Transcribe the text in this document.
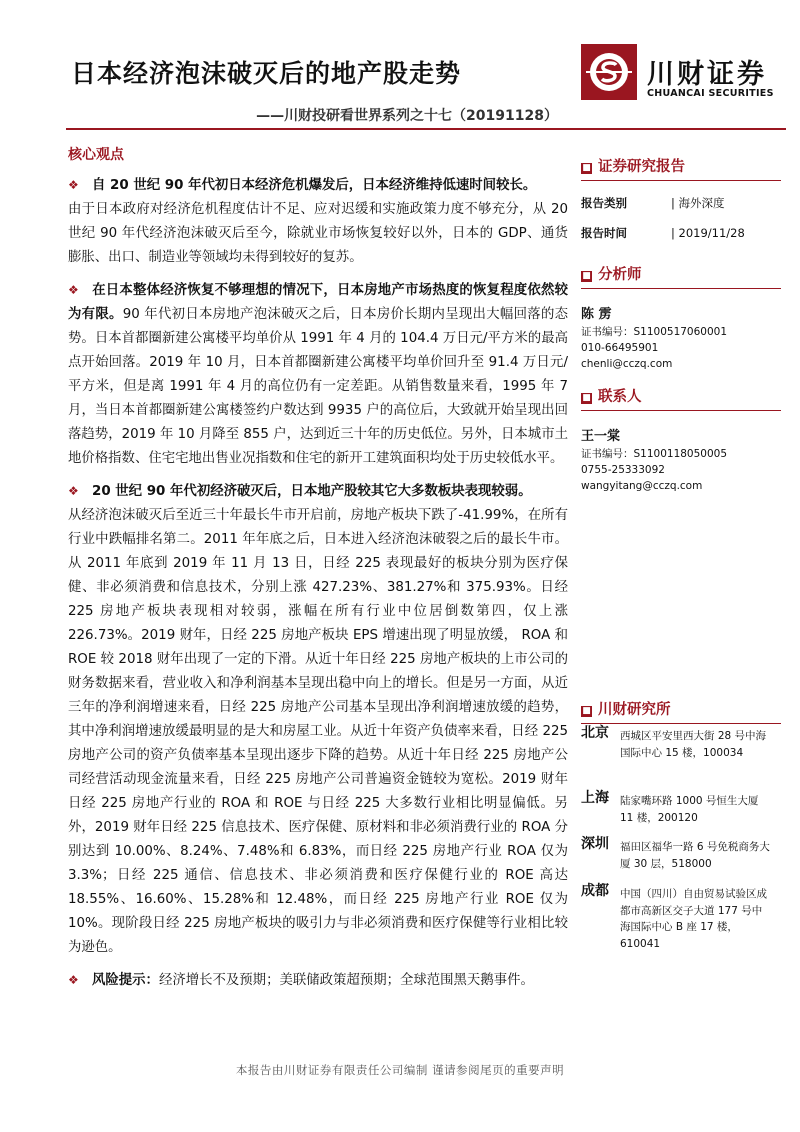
日本经济泡沫破灭后的地产股走势
——川财投研看世界系列之十七（20191128）
川财证券
CHUANCAI SECURITIES
核心观点

❖ 自 20 世纪 90 年代初日本经济危机爆发后，日本经济维持低速时间较长。

由于日本政府对经济危机程度估计不足、应对迟缓和实施政策力度不够充分，从 20 世纪 90 年代经济泡沫破灭后至今，除就业市场恢复较好以外，日本的 GDP、通货膨胀、出口、制造业等领域均未得到较好的复苏。

❖ 在日本整体经济恢复不够理想的情况下，日本房地产市场热度的恢复程度依然较为有限。90 年代初日本房地产泡沫破灭之后，日本房价长期内呈现出大幅回落的态势。日本首都圈新建公寓楼平均单价从 1991 年 4 月的 104.4 万日元/平方米的最高点开始回落。2019 年 10 月，日本首都圈新建公寓楼平均单价回升至 91.4 万日元/平方米，但是离 1991 年 4 月的高位仍有一定差距。从销售数量来看，1995 年 7 月，当日本首都圈新建公寓楼签约户数达到 9935 户的高位后，大致就开始呈现出回落趋势，2019 年 10 月降至 855 户，达到近三十年的历史低位。另外，日本城市土地价格指数、住宅宅地出售业况指数和住宅的新开工建筑面积均处于历史较低水平。

❖ 20 世纪 90 年代初经济破灭后，日本地产股较其它大多数板块表现较弱。

从经济泡沫破灭后至近三十年最长牛市开启前，房地产板块下跌了-41.99%，在所有行业中跌幅排名第二。2011 年年底之后，日本进入经济泡沫破裂之后的最长牛市。从 2011 年底到 2019 年 11 月 13 日，日经 225 表现最好的板块分别为医疗保健、非必须消费和信息技术，分别上涨 427.23%、381.27%和 375.93%。日经 225 房地产板块表现相对较弱，涨幅在所有行业中位居倒数第四，仅上涨 226.73%。2019 财年，日经 225 房地产板块 EPS 增速出现了明显放缓， ROA 和 ROE 较 2018 财年出现了一定的下滑。从近十年日经 225 房地产板块的上市公司的财务数据来看，营业收入和净利润基本呈现出稳中向上的增长。但是另一方面，从近三年的净利润增速来看，日经 225 房地产公司基本呈现出净利润增速放缓的趋势，其中净利润增速放缓最明显的是大和房屋工业。从近十年资产负债率来看，日经 225 房地产公司的资产负债率基本呈现出逐步下降的趋势。从近十年日经 225 房地产公司经营活动现金流量来看，日经 225 房地产公司普遍资金链较为宽松。2019 财年日经 225 房地产行业的 ROA 和 ROE 与日经 225 大多数行业相比明显偏低。另外，2019 财年日经 225 信息技术、医疗保健、原材料和非必须消费行业的 ROA 分别达到 10.00%、8.24%、7.48%和 6.83%，而日经 225 房地产行业 ROA 仅为 3.3%；日经 225 通信、信息技术、非必须消费和医疗保健行业的 ROE 高达 18.55%、16.60%、15.28%和 12.48%，而日经 225 房地产行业 ROE 仅为 10%。现阶段日经 225 房地产板块的吸引力与非必须消费和医疗保健等行业相比较为逊色。

❖ 风险提示：经济增长不及预期；美联储政策超预期；全球范围黑天鹅事件。

■ 证券研究报告
报告类别	| 海外深度
报告时间	| 2019/11/28
■ 分析师
陈 雳
证书编号：S1100517060001
010-66495901
chenli@cczq.com
■ 联系人
王一棠
证书编号：S1100118050005
0755-25333092
wangyitang@cczq.com
■ 川财研究所
北京 西城区平安里西大街 28 号中海国际中心 15 楼，100034
上海 陆家嘴环路 1000 号恒生大厦 11 楼，200120
深圳 福田区福华一路 6 号免税商务大厦 30 层，518000
成都 中国（四川）自由贸易试验区成都市高新区交子大道 177 号中海国际中心 B 座 17 楼，610041
本报告由川财证券有限责任公司编制 谨请参阅尾页的重要声明
